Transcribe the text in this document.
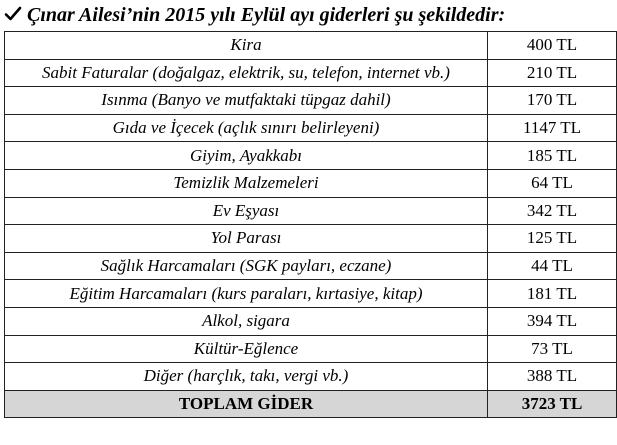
Çınar Ailesi’nin 2015 yılı Eylül ayı giderleri şu şekildedir:
Kira	400 TL
Sabit Faturalar (doğalgaz, elektrik, su, telefon, internet vb.)	210 TL
Isınma (Banyo ve mutfaktaki tüpgaz dahil)	170 TL
Gıda ve İçecek (açlık sınırı belirleyeni)	1147 TL
Giyim, Ayakkabı	185 TL
Temizlik Malzemeleri	64 TL
Ev Eşyası	342 TL
Yol Parası	125 TL
Sağlık Harcamaları (SGK payları, eczane)	44 TL
Eğitim Harcamaları (kurs paraları, kırtasiye, kitap)	181 TL
Alkol, sigara	394 TL
Kültür-Eğlence	73 TL
Diğer (harçlık, takı, vergi vb.)	388 TL
TOPLAM GİDER	3723 TL
